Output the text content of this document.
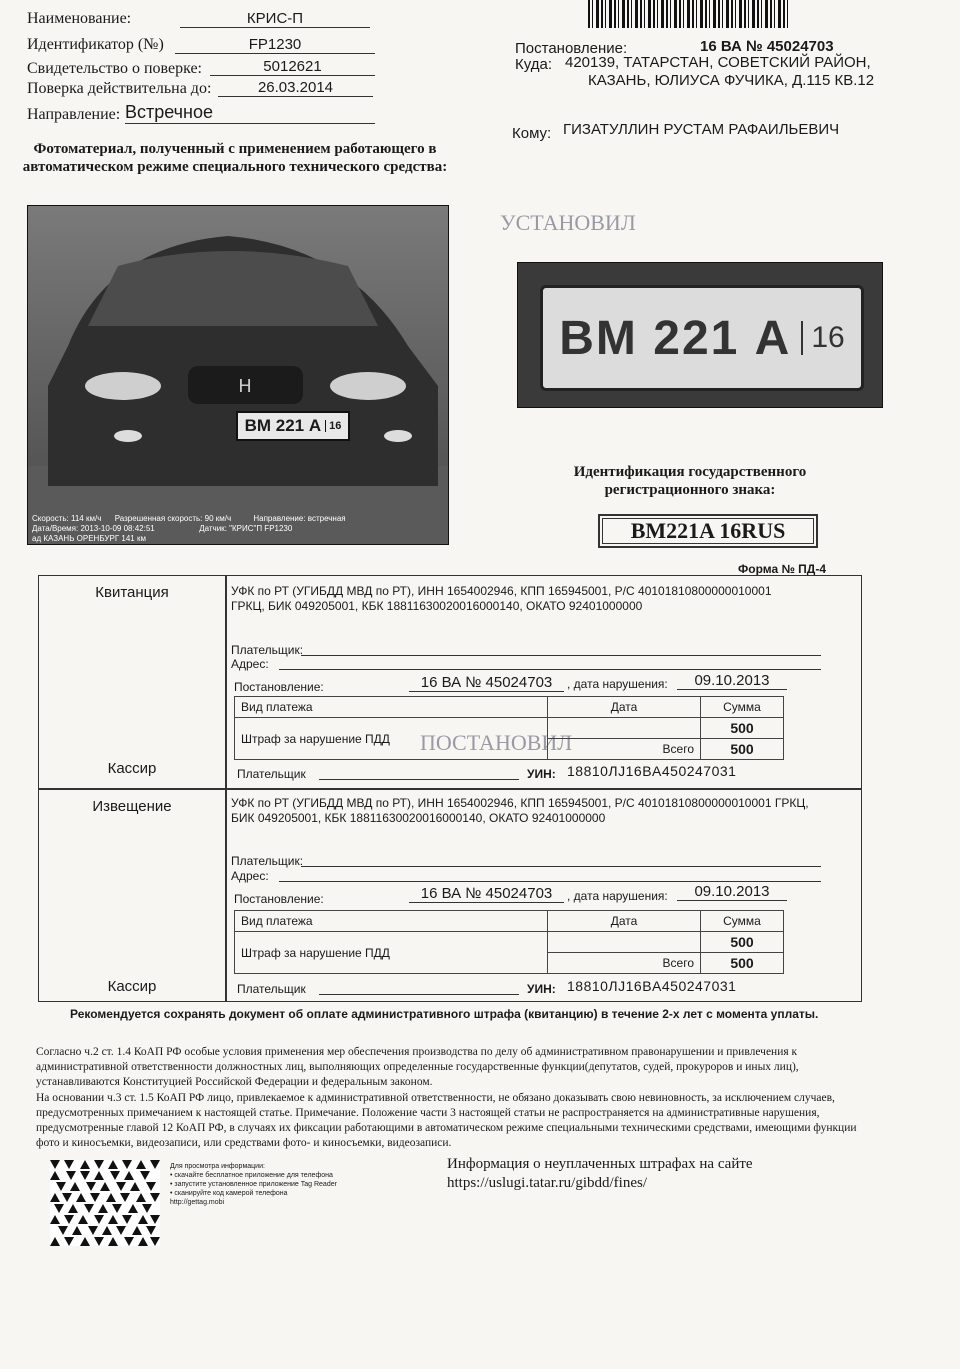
УСТАНОВИЛ
ПОСТАНОВИЛ
Наименование:	КРИС-П
Идентификатор (№)	FP1230
Свидетельство о поверке:	5012621
Поверка действительна до:	26.03.2014
Направление: Встречное
Постановление:	16 ВА № 45024703
Куда: 420139, ТАТАРСТАН, СОВЕТСКИЙ РАЙОН,
КАЗАНЬ, ЮЛИУСА ФУЧИКА, Д.115 КВ.12
Кому: ГИЗАТУЛЛИН РУСТАМ РАФАИЛЬЕВИЧ
Фотоматериал, полученный с применением работающего в автоматическом режиме специального технического средства:
H
ВМ 221 А 16
Скорость: 114 км/ч Разрешенная скорость: 90 км/ч	Направление: встречная
Дата/Время: 2013-10-09 08:42:51	Датчик: "КРИС"П FP1230
ад КАЗАНЬ ОРЕНБУРГ 141 км
ВМ 221 А 16
Идентификация государственного регистрационного знака:
BM221A 16RUS
Форма № ПД-4
Квитанция
Кассир
УФК по РТ (УГИБДД МВД по РТ), ИНН 1654002946, КПП 165945001, Р/С 40101810800000010001 ГРКЦ, БИК 049205001, КБК 18811630020016000140, ОКАТО 92401000000
Плательщик:
Адрес:
Постановление:	16 ВА № 45024703	, дата нарушения:	09.10.2013
Вид платежа	Дата	Сумма
Штраф за нарушение ПДД		500
	Всего	500
Плательщик	УИН: 18810ЛJ16BA450247031
Извещение
Кассир
УФК по РТ (УГИБДД МВД по РТ), ИНН 1654002946, КПП 165945001, Р/С 40101810800000010001 ГРКЦ, БИК 049205001, КБК 18811630020016000140, ОКАТО 92401000000
Плательщик:
Адрес:
Постановление:	16 ВА № 45024703	, дата нарушения:	09.10.2013
Вид платежа	Дата	Сумма
Штраф за нарушение ПДД		500
	Всего	500
Плательщик	УИН: 18810ЛJ16BA450247031
Рекомендуется сохранять документ об оплате административного штрафа (квитанцию) в течение 2-х лет с момента уплаты.
Согласно ч.2 ст. 1.4 КоАП РФ особые условия применения мер обеспечения производства по делу об административном правонарушении и привлечения к административной ответственности должностных лиц, выполняющих определенные государственные функции(депутатов, судей, прокуроров и иных лиц), устанавливаются Конституцией Российской Федерации и федеральным законом.
На основании ч.3 ст. 1.5 КоАП РФ лицо, привлекаемое к административной ответственности, не обязано доказывать свою невиновность, за исключением случаев, предусмотренных примечанием к настоящей статье. Примечание. Положение части 3 настоящей статьи не распространяется на административные нарушения, предусмотренные главой 12 КоАП РФ, в случаях их фиксации работающими в автоматическом режиме специальными техническими средствами, имеющими функции фото и киносъемки, видеозаписи, или средствами фото- и киносъемки, видеозаписи.
Для просмотра информации:
• скачайте бесплатное приложение для телефона
• запустите установленное приложение Tag Reader
• сканируйте код камерой телефона
http://gettag.mobi
Информация о неуплаченных штрафах на сайте
https://uslugi.tatar.ru/gibdd/fines/
